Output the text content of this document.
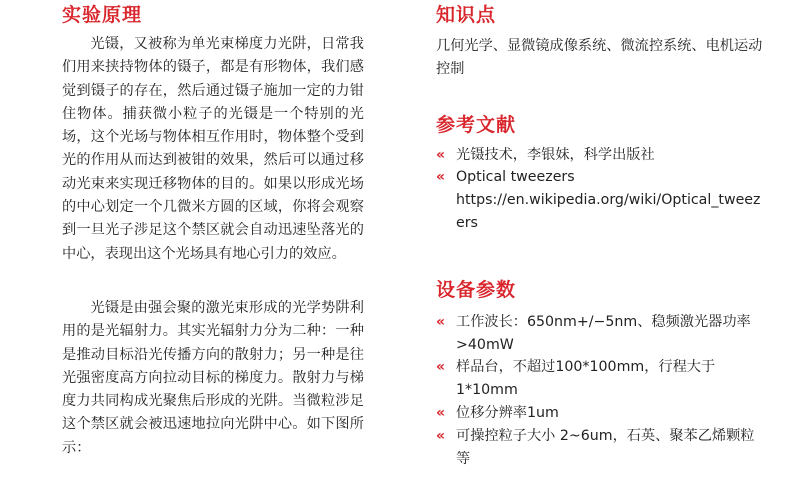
实验原理

光镊，又被称为单光束梯度力光阱，日常我们用来挟持物体的镊子，都是有形物体，我们感觉到镊子的存在，然后通过镊子施加一定的力钳住物体。捕获微小粒子的光镊是一个特别的光场，这个光场与物体相互作用时，物体整个受到光的作用从而达到被钳的效果，然后可以通过移动光束来实现迁移物体的目的。如果以形成光场的中心划定一个几微米方圆的区域，你将会观察到一旦光子涉足这个禁区就会自动迅速坠落光的中心，表现出这个光场具有地心引力的效应。

光镊是由强会聚的激光束形成的光学势阱利用的是光辐射力。其实光辐射力分为二种：一种是推动目标沿光传播方向的散射力；另一种是往光强密度高方向拉动目标的梯度力。散射力与梯度力共同构成光聚焦后形成的光阱。当微粒涉足这个禁区就会被迅速地拉向光阱中心。如下图所示：

知识点

几何光学、显微镜成像系统、微流控系统、电机运动控制

参考文献
« 光镊技术，李银妹，科学出版社
« Optical tweezers
https://en.wikipedia.org/wiki/Optical_tweezers
设备参数
« 工作波长：650nm+/−5nm、稳频激光器功率>40mW
« 样品台，不超过100*100mm，行程大于1*10mm
« 位移分辨率1um
« 可操控粒子大小 2~6um，石英、聚苯乙烯颗粒等
